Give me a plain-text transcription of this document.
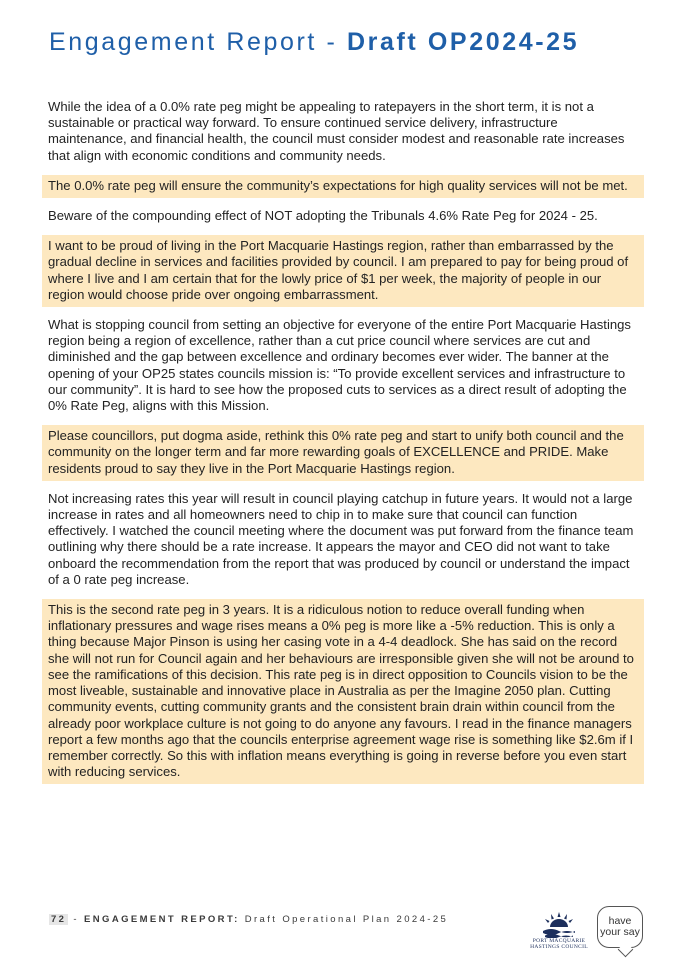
Engagement Report - Draft OP2024-25

While the idea of a 0.0% rate peg might be appealing to ratepayers in the short term, it is not a sustainable or practical way forward. To ensure continued service delivery, infrastructure maintenance, and financial health, the council must consider modest and reasonable rate increases that align with economic conditions and community needs.

The 0.0% rate peg will ensure the community’s expectations for high quality services will not be met.

Beware of the compounding effect of NOT adopting the Tribunals 4.6% Rate Peg for 2024 - 25.

I want to be proud of living in the Port Macquarie Hastings region, rather than embarrassed by the gradual decline in services and facilities provided by council. I am prepared to pay for being proud of where I live and I am certain that for the lowly price of $1 per week, the majority of people in our region would choose pride over ongoing embarrassment.

What is stopping council from setting an objective for everyone of the entire Port Macquarie Hastings region being a region of excellence, rather than a cut price council where services are cut and diminished and the gap between excellence and ordinary becomes ever wider. The banner at the opening of your OP25 states councils mission is: “To provide excellent services and infrastructure to our community”. It is hard to see how the proposed cuts to services as a direct result of adopting the 0% Rate Peg, aligns with this Mission.

Please councillors, put dogma aside, rethink this 0% rate peg and start to unify both council and the community on the longer term and far more rewarding goals of EXCELLENCE and PRIDE. Make residents proud to say they live in the Port Macquarie Hastings region.

Not increasing rates this year will result in council playing catchup in future years. It would not a large increase in rates and all homeowners need to chip in to make sure that council can function effectively. I watched the council meeting where the document was put forward from the finance team outlining why there should be a rate increase. It appears the mayor and CEO did not want to take onboard the recommendation from the report that was produced by council or understand the impact of a 0 rate peg increase.

This is the second rate peg in 3 years. It is a ridiculous notion to reduce overall funding when inflationary pressures and wage rises means a 0% peg is more like a -5% reduction. This is only a thing because Major Pinson is using her casing vote in a 4-4 deadlock. She has said on the record she will not run for Council again and her behaviours are irresponsible given she will not be around to see the ramifications of this decision. This rate peg is in direct opposition to Councils vision to be the most liveable, sustainable and innovative place in Australia as per the Imagine 2050 plan. Cutting community events, cutting community grants and the consistent brain drain within council from the already poor workplace culture is not going to do anyone any favours. I read in the finance managers report a few months ago that the councils enterprise agreement wage rise is something like $2.6m if I remember correctly. So this with inflation means everything is going in reverse before you even start with reducing services.

72 - ENGAGEMENT REPORT: Draft Operational Plan 2024-25
PORT MACQUARIE
HASTINGS COUNCIL
have
your say
